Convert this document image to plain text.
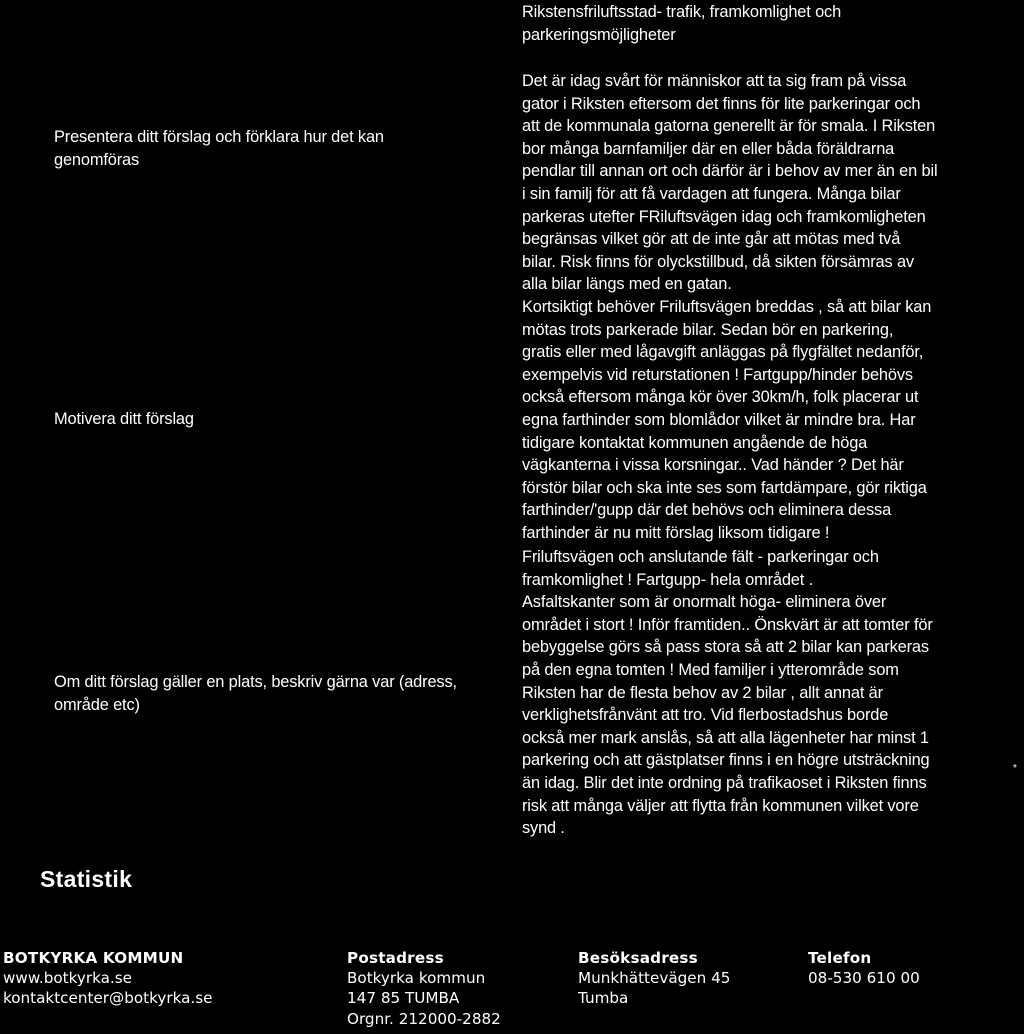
Rikstensfriluftsstad- trafik, framkomlighet och

parkeringsmöjligheter

Presentera ditt förslag och förklara hur det kan
genomföras
Motivera ditt förslag
Om ditt förslag gäller en plats, beskriv gärna var (adress,
område etc)

Det är idag svårt för människor att ta sig fram på vissa
gator i Riksten eftersom det finns för lite parkeringar och
att de kommunala gatorna generellt är för smala. I Riksten
bor många barnfamiljer där en eller båda föräldrarna
pendlar till annan ort och därför är i behov av mer än en bil
i sin familj för att få vardagen att fungera. Många bilar
parkeras utefter FRiluftsvägen idag och framkomligheten
begränsas vilket gör att de inte går att mötas med två
bilar. Risk finns för olyckstillbud, då sikten försämras av
alla bilar längs med en gatan.

Kortsiktigt behöver Friluftsvägen breddas , så att bilar kan
mötas trots parkerade bilar. Sedan bör en parkering,
gratis eller med lågavgift anläggas på flygfältet nedanför,
exempelvis vid returstationen ! Fartgupp/hinder behövs
också eftersom många kör över 30km/h, folk placerar ut
egna farthinder som blomlådor vilket är mindre bra. Har
tidigare kontaktat kommunen angående de höga
vägkanterna i vissa korsningar.. Vad händer ? Det här
förstör bilar och ska inte ses som fartdämpare, gör riktiga
farthinder/'gupp där det behövs och eliminera dessa
farthinder är nu mitt förslag liksom tidigare !

Friluftsvägen och anslutande fält - parkeringar och
framkomlighet ! Fartgupp- hela området .
Asfaltskanter som är onormalt höga- eliminera över
området i stort ! Inför framtiden.. Önskvärt är att tomter för
bebyggelse görs så pass stora så att 2 bilar kan parkeras
på den egna tomten ! Med familjer i ytterområde som
Riksten har de flesta behov av 2 bilar , allt annat är
verklighetsfrånvänt att tro. Vid flerbostadshus borde
också mer mark anslås, så att alla lägenheter har minst 1
parkering och att gästplatser finns i en högre utsträckning
än idag. Blir det inte ordning på trafikaoset i Riksten finns
risk att många väljer att flytta från kommunen vilket vore
synd .

*
Statistik
BOTKYRKA KOMMUN
www.botkyrka.se
kontaktcenter@botkyrka.se
Postadress
Botkyrka kommun
147 85 TUMBA
Orgnr. 212000-2882
Besöksadress
Munkhättevägen 45
Tumba
Telefon
08-530 610 00
